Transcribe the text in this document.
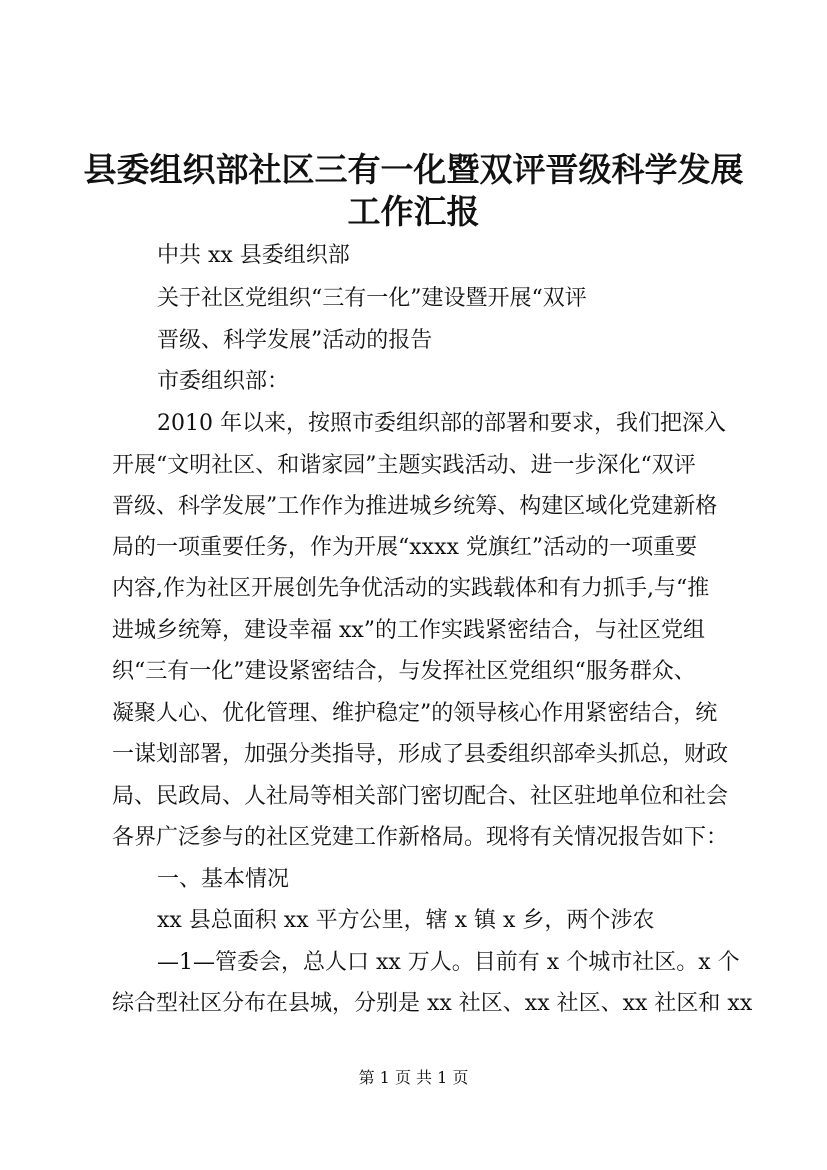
县委组织部社区三有一化暨双评晋级科学发展
工作汇报
中共 xx 县委组织部
关于社区党组织“三有一化”建设暨开展“双评
晋级、科学发展”活动的报告
市委组织部：
2010 年以来，按照市委组织部的部署和要求，我们把深入
开展“文明社区、和谐家园”主题实践活动、进一步深化“双评
晋级、科学发展”工作作为推进城乡统筹、构建区域化党建新格
局的一项重要任务，作为开展“xxxx 党旗红”活动的一项重要
内容,作为社区开展创先争优活动的实践载体和有力抓手,与“推
进城乡统筹，建设幸福 xx”的工作实践紧密结合，与社区党组
织“三有一化”建设紧密结合，与发挥社区党组织“服务群众、
凝聚人心、优化管理、维护稳定”的领导核心作用紧密结合，统
一谋划部署，加强分类指导，形成了县委组织部牵头抓总，财政
局、民政局、人社局等相关部门密切配合、社区驻地单位和社会
各界广泛参与的社区党建工作新格局。现将有关情况报告如下：
一、基本情况
xx 县总面积 xx 平方公里，辖 x 镇 x 乡，两个涉农
—1—管委会，总人口 xx 万人。目前有 x 个城市社区。x 个
综合型社区分布在县城，分别是 xx 社区、xx 社区、xx 社区和 xx
第 1 页 共 1 页
